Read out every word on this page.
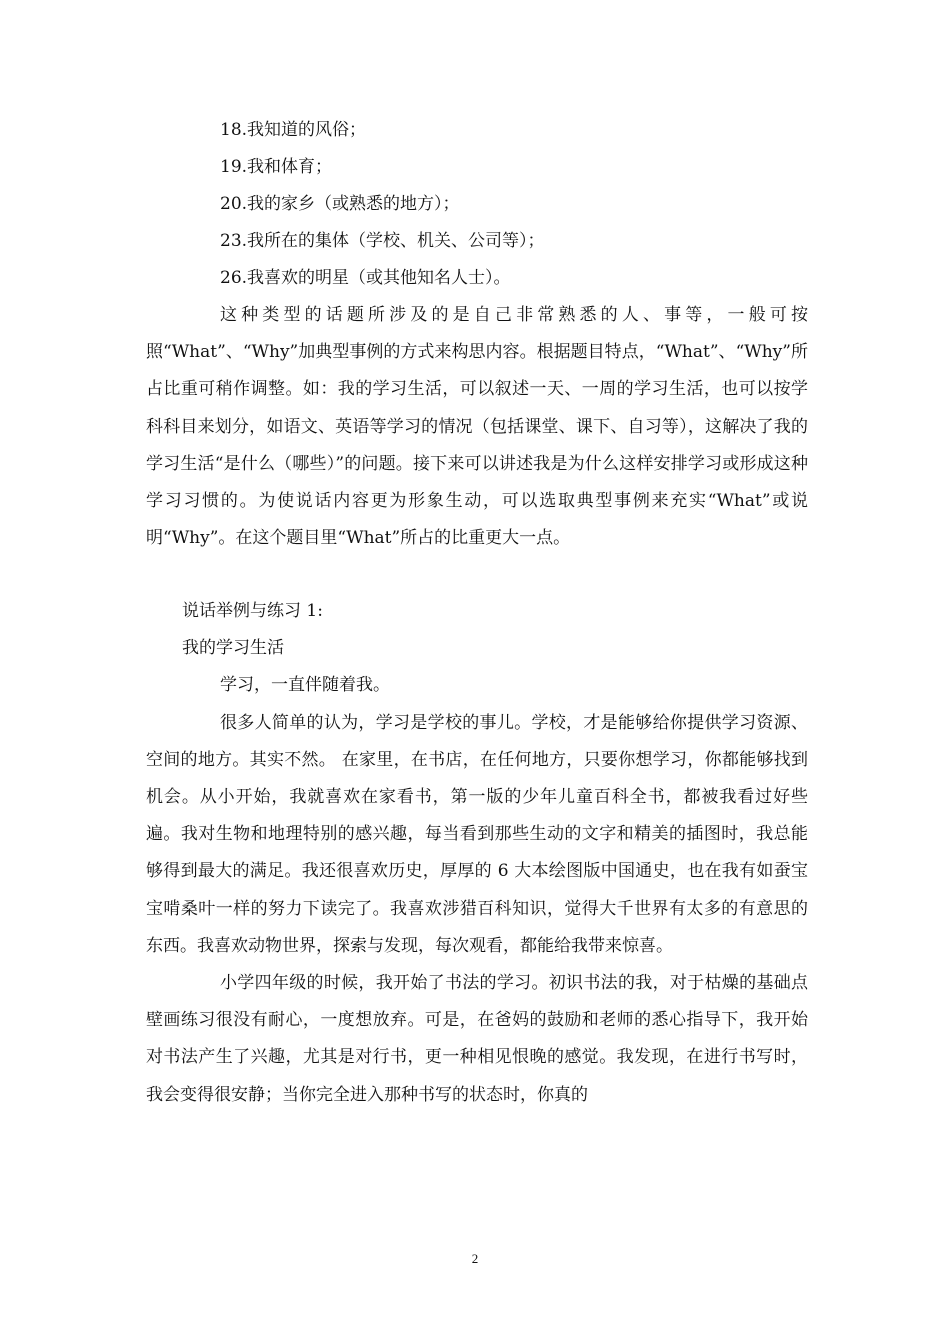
18.我知道的风俗；
19.我和体育；
20.我的家乡（或熟悉的地方）；
23.我所在的集体（学校、机关、公司等）；
26.我喜欢的明星（或其他知名人士）。

这种类型的话题所涉及的是自己非常熟悉的人、事等，一般可按照“What”、“Why”加典型事例的方式来构思内容。根据题目特点，“What”、“Why”所占比重可稍作调整。如：我的学习生活，可以叙述一天、一周的学习生活，也可以按学科科目来划分，如语文、英语等学习的情况（包括课堂、课下、自习等），这解决了我的学习生活“是什么（哪些）”的问题。接下来可以讲述我是为什么这样安排学习或形成这种学习习惯的。为使说话内容更为形象生动，可以选取典型事例来充实“What”或说明“Why”。在这个题目里“What”所占的比重更大一点。

说话举例与练习 1:
我的学习生活

学习，一直伴随着我。

很多人简单的认为，学习是学校的事儿。学校，才是能够给你提供学习资源、空间的地方。其实不然。 在家里，在书店，在任何地方，只要你想学习，你都能够找到机会。从小开始，我就喜欢在家看书，第一版的少年儿童百科全书，都被我看过好些遍。我对生物和地理特别的感兴趣，每当看到那些生动的文字和精美的插图时，我总能够得到最大的满足。我还很喜欢历史，厚厚的 6 大本绘图版中国通史，也在我有如蚕宝宝啃桑叶一样的努力下读完了。我喜欢涉猎百科知识，觉得大千世界有太多的有意思的东西。我喜欢动物世界，探索与发现，每次观看，都能给我带来惊喜。

小学四年级的时候，我开始了书法的学习。初识书法的我，对于枯燥的基础点壁画练习很没有耐心，一度想放弃。可是，在爸妈的鼓励和老师的悉心指导下，我开始对书法产生了兴趣，尤其是对行书，更一种相见恨晚的感觉。我发现，在进行书写时，我会变得很安静；当你完全进入那种书写的状态时，你真的

2
